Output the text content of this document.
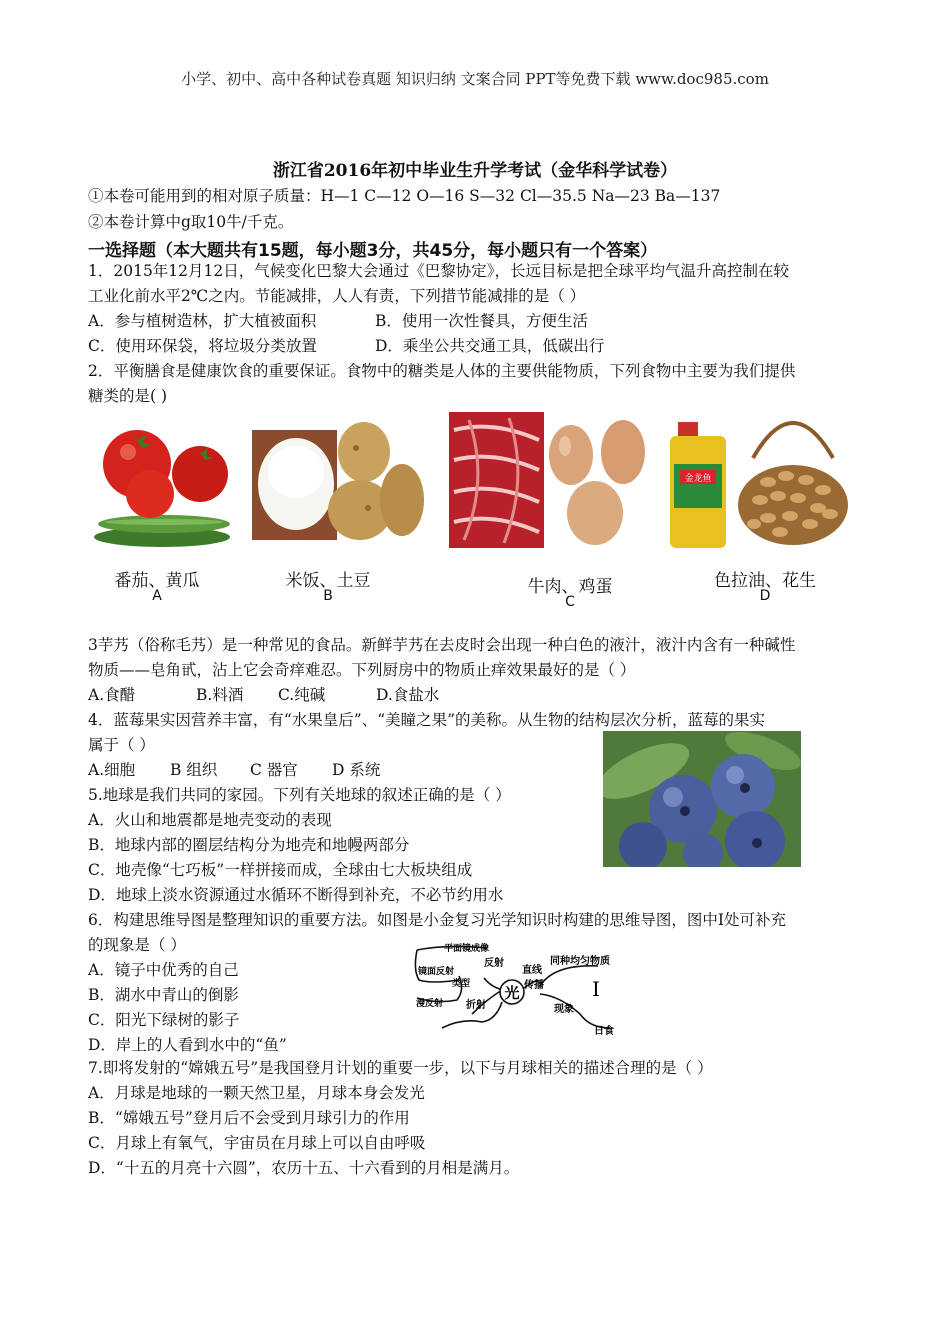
小学、初中、高中各种试卷真题 知识归纳 文案合同 PPT等免费下载 www.doc985.com
浙江省2016年初中毕业生升学考试（金华科学试卷）
①本卷可能用到的相对原子质量：H—1 C—12 O—16 S—32 Cl—35.5 Na—23 Ba—137
②本卷计算中g取10牛/千克。
一选择题（本大题共有15题，每小题3分，共45分，每小题只有一个答案）
1．2015年12月12日，气候变化巴黎大会通过《巴黎协定》，长远目标是把全球平均气温升高控制在较
工业化前水平2℃之内。节能减排，人人有责，下列措节能减排的是（ ）
A．参与植树造林，扩大植被面积	B．使用一次性餐具，方便生活
C．使用环保袋，将垃圾分类放置	D．乘坐公共交通工具，低碳出行
2．平衡膳食是健康饮食的重要保证。食物中的糖类是人体的主要供能物质，下列食物中主要为我们提供
糖类的是( )
番茄、黄瓜
A
米饭、土豆
B	牛肉、鸡蛋
C
金龙鱼
色拉油、花生
D
3芋艿（俗称毛艿）是一种常见的食品。新鲜芋艿在去皮时会出现一种白色的液汁，液汁内含有一种碱性
物质——皂角甙，沾上它会奇痒难忍。下列厨房中的物质止痒效果最好的是（ ）
A.食醋	B.料酒 C.纯碱	D.食盐水
4．蓝莓果实因营养丰富，有“水果皇后”、“美瞳之果”的美称。从生物的结构层次分析，蓝莓的果实
属于（ ）
A.细胞 B 组织 C 器官 D 系统
5.地球是我们共同的家园。下列有关地球的叙述正确的是（ ）
A．火山和地震都是地壳变动的表现
B．地球内部的圈层结构分为地壳和地幔两部分
C．地壳像“七巧板”一样拼接而成，全球由七大板块组成
D．地球上淡水资源通过水循环不断得到补充，不必节约用水
6．构建思维导图是整理知识的重要方法。如图是小金复习光学知识时构建的思维导图，图中Ⅰ处可补充
的现象是（ ）
A．镜子中优秀的自己
B．湖水中青山的倒影
C．阳光下绿树的影子
D．岸上的人看到水中的“鱼”
光
平面镜成像
镜面反射
类型
漫反射
反射
折射
直线
传播
同种均匀物质
I
现象
日食
7.即将发射的“嫦娥五号”是我国登月计划的重要一步，以下与月球相关的描述合理的是（ ）
A．月球是地球的一颗天然卫星，月球本身会发光
B．“嫦娥五号”登月后不会受到月球引力的作用
C．月球上有氧气，宇宙员在月球上可以自由呼吸
D．“十五的月亮十六圆”，农历十五、十六看到的月相是满月。
